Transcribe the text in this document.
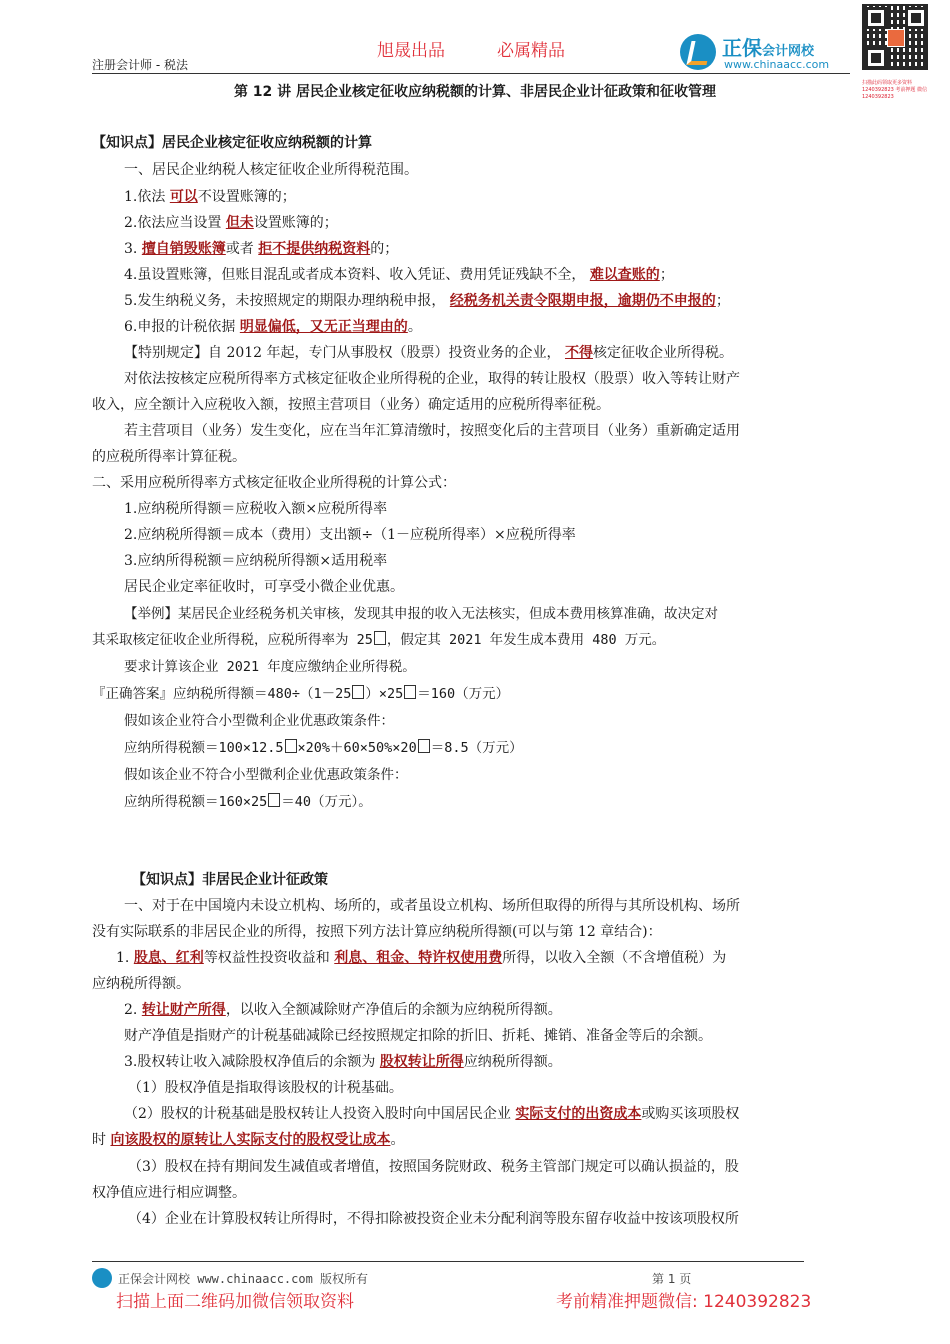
旭晟出品	必属精品
注册会计师 - 税法
正保会计网校
www.chinaacc.com
扫描此码领取更多资料 1240392823 考前押题 微信 1240392823
第 12 讲 居民企业核定征收应纳税额的计算、非居民企业计征政策和征收管理
【知识点】居民企业核定征收应纳税额的计算
一、居民企业纳税人核定征收企业所得税范围。
1.依法 可以不设置账簿的；
2.依法应当设置 但未设置账簿的；
3. 擅自销毁账簿或者 拒不提供纳税资料的；
4.虽设置账簿，但账目混乱或者成本资料、收入凭证、费用凭证残缺不全， 难以查账的；
5.发生纳税义务，未按照规定的期限办理纳税申报， 经税务机关责令限期申报，逾期仍不申报的；
6.申报的计税依据 明显偏低，又无正当理由的。
【特别规定】自 2012 年起，专门从事股权（股票）投资业务的企业， 不得核定征收企业所得税。
对依法按核定应税所得率方式核定征收企业所得税的企业，取得的转让股权（股票）收入等转让财产
收入，应全额计入应税收入额，按照主营项目（业务）确定适用的应税所得率征税。
若主营项目（业务）发生变化，应在当年汇算清缴时，按照变化后的主营项目（业务）重新确定适用
的应税所得率计算征税。
二、采用应税所得率方式核定征收企业所得税的计算公式：
1.应纳税所得额＝应税收入额×应税所得率
2.应纳税所得额＝成本（费用）支出额÷（1－应税所得率）×应税所得率
3.应纳所得税额＝应纳税所得额×适用税率
居民企业定率征收时，可享受小微企业优惠。
【举例】某居民企业经税务机关审核，发现其申报的收入无法核实，但成本费用核算准确，故决定对
其采取核定征收企业所得税，应税所得率为 25 ，假定其 2021 年发生成本费用 480 万元。
要求计算该企业 2021 年度应缴纳企业所得税。
『正确答案』应纳税所得额＝480÷（1－25 ）×25 ＝160（万元）
假如该企业符合小型微利企业优惠政策条件：
应纳所得税额＝100×12.5 ×20%＋60×50%×20 ＝8.5（万元）
假如该企业不符合小型微利企业优惠政策条件：
应纳所得税额＝160×25 ＝40（万元）。
【知识点】非居民企业计征政策
一、对于在中国境内未设立机构、场所的，或者虽设立机构、场所但取得的所得与其所设机构、场所
没有实际联系的非居民企业的所得，按照下列方法计算应纳税所得额(可以与第 12 章结合)：
1. 股息、红利等权益性投资收益和 利息、租金、特许权使用费所得，以收入全额（不含增值税）为
应纳税所得额。
2. 转让财产所得，以收入全额减除财产净值后的余额为应纳税所得额。
财产净值是指财产的计税基础减除已经按照规定扣除的折旧、折耗、摊销、准备金等后的余额。
3.股权转让收入减除股权净值后的余额为 股权转让所得应纳税所得额。
（1）股权净值是指取得该股权的计税基础。
（2）股权的计税基础是股权转让人投资入股时向中国居民企业 实际支付的出资成本或购买该项股权
时 向该股权的原转让人实际支付的股权受让成本。
（3）股权在持有期间发生减值或者增值，按照国务院财政、税务主管部门规定可以确认损益的，股
权净值应进行相应调整。
（4）企业在计算股权转让所得时，不得扣除被投资企业未分配利润等股东留存收益中按该项股权所
正保会计网校 www.chinaacc.com 版权所有	第 1 页
扫描上面二维码加微信领取资料	考前精准押题微信: 1240392823
